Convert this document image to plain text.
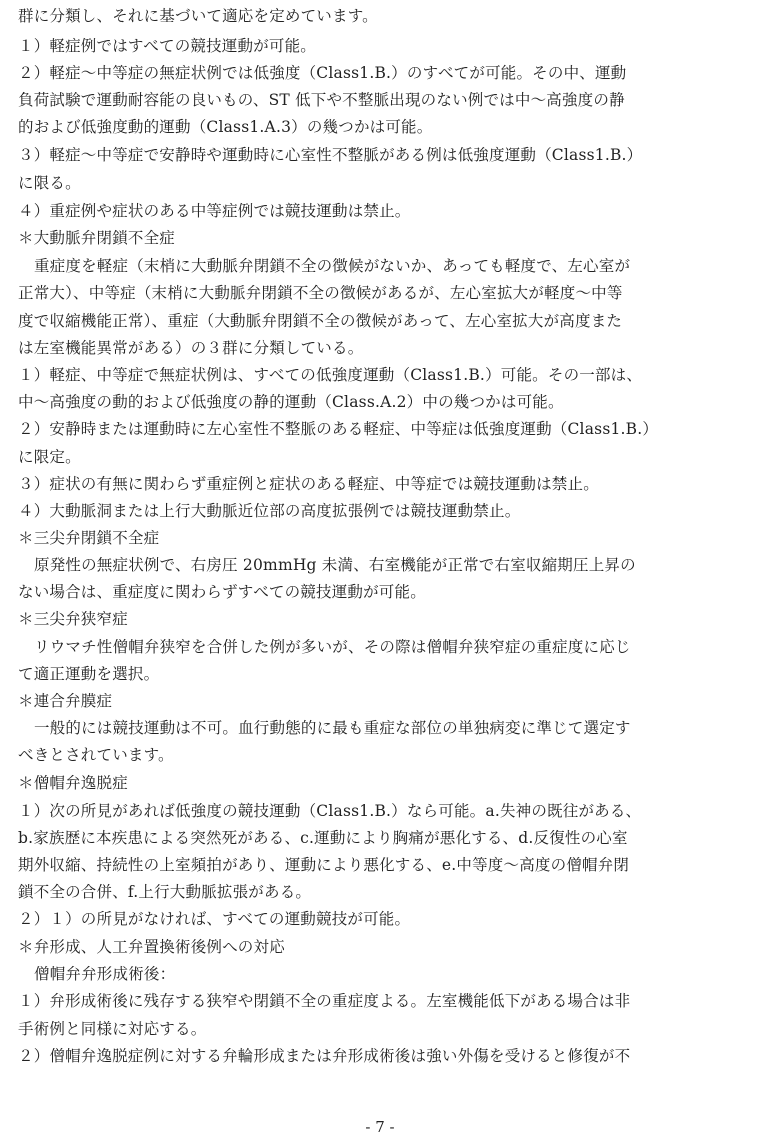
群に分類し、それに基づいて適応を定めています。
１）軽症例ではすべての競技運動が可能。
２）軽症～中等症の無症状例では低強度（Class1.B.）のすべてが可能。その中、運動
負荷試験で運動耐容能の良いもの、ST 低下や不整脈出現のない例では中～高強度の静
的および低強度動的運動（Class1.A.3）の幾つかは可能。
３）軽症～中等症で安静時や運動時に心室性不整脈がある例は低強度運動（Class1.B.）
に限る。
４）重症例や症状のある中等症例では競技運動は禁止。
＊大動脈弁閉鎖不全症
重症度を軽症（末梢に大動脈弁閉鎖不全の徴候がないか、あっても軽度で、左心室が
正常大）、中等症（末梢に大動脈弁閉鎖不全の徴候があるが、左心室拡大が軽度～中等
度で収縮機能正常）、重症（大動脈弁閉鎖不全の徴候があって、左心室拡大が高度また
は左室機能異常がある）の３群に分類している。
１）軽症、中等症で無症状例は、すべての低強度運動（Class1.B.）可能。その一部は、
中～高強度の動的および低強度の静的運動（Class.A.2）中の幾つかは可能。
２）安静時または運動時に左心室性不整脈のある軽症、中等症は低強度運動（Class1.B.）
に限定。
３）症状の有無に関わらず重症例と症状のある軽症、中等症では競技運動は禁止。
４）大動脈洞または上行大動脈近位部の高度拡張例では競技運動禁止。
＊三尖弁閉鎖不全症
原発性の無症状例で、右房圧 20mmHg 未満、右室機能が正常で右室収縮期圧上昇の
ない場合は、重症度に関わらずすべての競技運動が可能。
＊三尖弁狭窄症
リウマチ性僧帽弁狭窄を合併した例が多いが、その際は僧帽弁狭窄症の重症度に応じ
て適正運動を選択。
＊連合弁膜症
一般的には競技運動は不可。血行動態的に最も重症な部位の単独病変に準じて選定す
べきとされています。
＊僧帽弁逸脱症
１）次の所見があれば低強度の競技運動（Class1.B.）なら可能。a.失神の既往がある、
b.家族歴に本疾患による突然死がある、c.運動により胸痛が悪化する、d.反復性の心室
期外収縮、持続性の上室頻拍があり、運動により悪化する、e.中等度～高度の僧帽弁閉
鎖不全の合併、f.上行大動脈拡張がある。
２）１）の所見がなければ、すべての運動競技が可能。
＊弁形成、人工弁置換術後例への対応
僧帽弁弁形成術後：
１）弁形成術後に残存する狭窄や閉鎖不全の重症度よる。左室機能低下がある場合は非
手術例と同様に対応する。
２）僧帽弁逸脱症例に対する弁輪形成または弁形成術後は強い外傷を受けると修復が不
- 7 -
